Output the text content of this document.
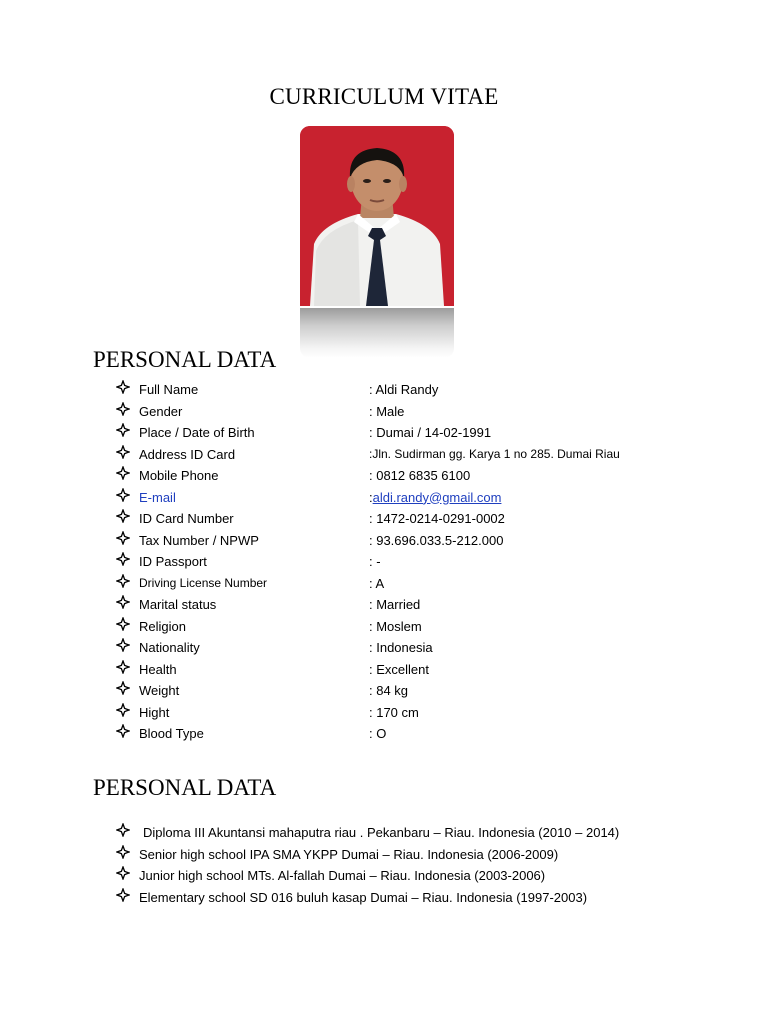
CURRICULUM VITAE
PERSONAL DATA
Full Name	: Aldi Randy
Gender	: Male
Place / Date of Birth	: Dumai / 14-02-1991
Address ID Card	:Jln. Sudirman gg. Karya 1 no 285. Dumai Riau
Mobile Phone	: 0812 6835 6100
E-mail	:aldi.randy@gmail.com
ID Card Number	: 1472-0214-0291-0002
Tax Number / NPWP	: 93.696.033.5-212.000
ID Passport	: -
Driving License Number	: A
Marital status	: Married
Religion	: Moslem
Nationality	: Indonesia
Health	: Excellent
Weight	: 84 kg
Hight	: 170 cm
Blood Type	: O
PERSONAL DATA
Diploma III Akuntansi mahaputra riau . Pekanbaru – Riau. Indonesia (2010 – 2014)
Senior high school IPA SMA YKPP Dumai – Riau. Indonesia (2006-2009)
Junior high school MTs. Al-fallah Dumai – Riau. Indonesia (2003-2006)
Elementary school SD 016 buluh kasap Dumai – Riau. Indonesia (1997-2003)
